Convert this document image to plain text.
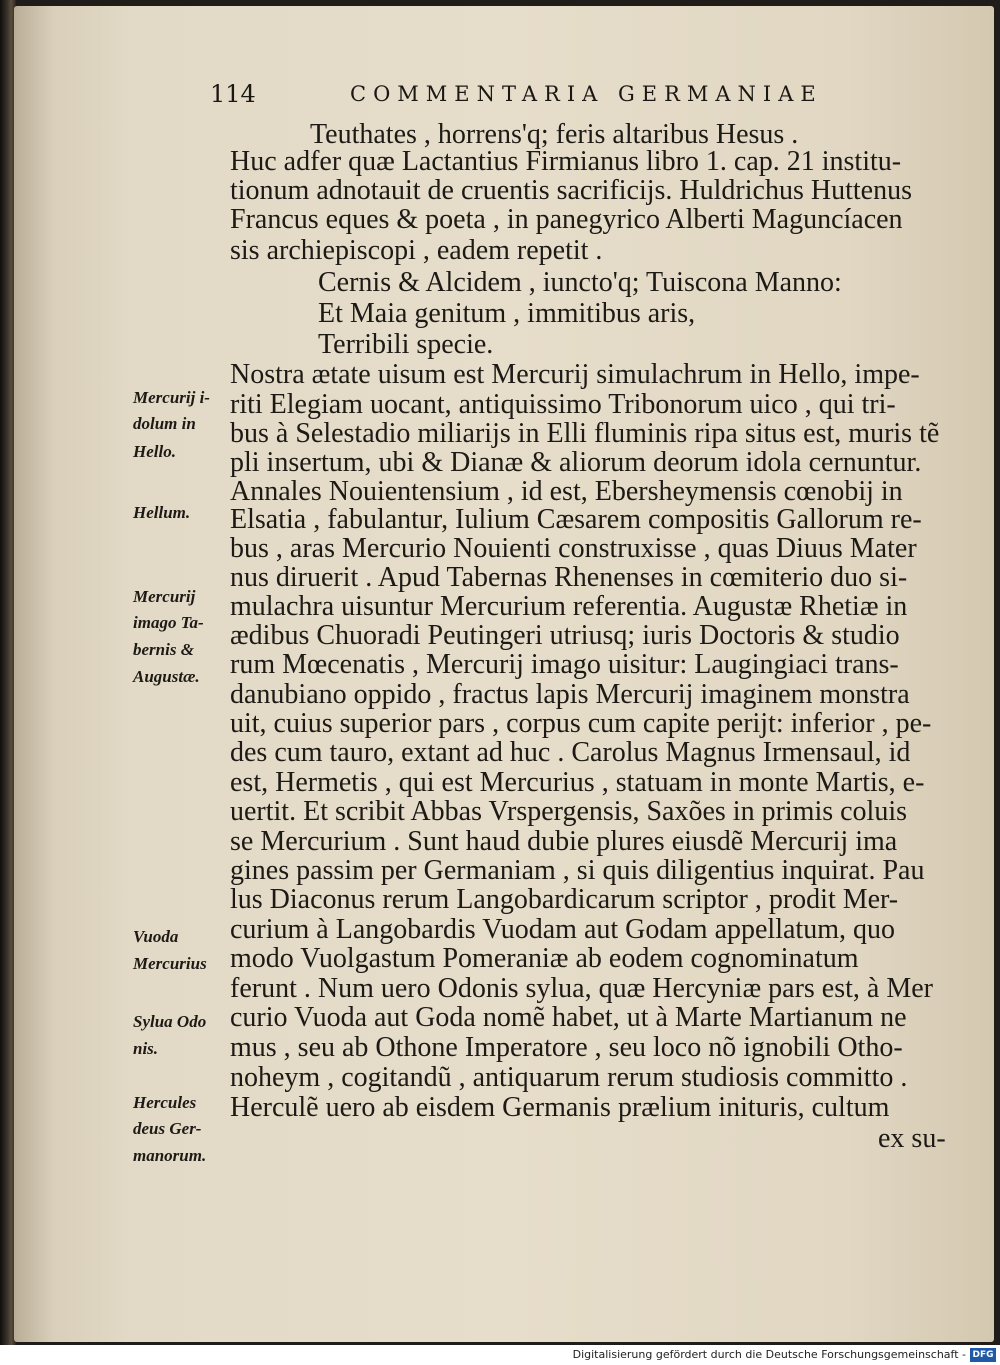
114	COMMENTARIA GERMANIAE
Teuthates , horrens'q; feris altaribus Hesus .
Huc adfer quæ Lactantius Firmianus libro 1. cap. 21 institu-
tionum adnotauit de cruentis sacrificijs. Huldrichus Huttenus
Francus eques & poeta , in panegyrico Alberti Maguncíacen
sis archiepiscopi , eadem repetit .
Cernis & Alcidem , iuncto'q; Tuiscona Manno:
Et Maia genitum , immitibus aris,
Terribili specie.
Nostra ætate uisum est Mercurij simulachrum in Hello, impe-
riti Elegiam uocant, antiquissimo Tribonorum uico , qui tri-
bus à Selestadio miliarijs in Elli fluminis ripa situs est, muris tẽ
pli insertum, ubi & Dianæ & aliorum deorum idola cernuntur.
Annales Nouientensium , id est, Ebersheymensis cœnobij in
Elsatia , fabulantur, Iulium Cæsarem compositis Gallorum re-
bus , aras Mercurio Nouienti construxisse , quas Diuus Mater
nus diruerit . Apud Tabernas Rhenenses in cœmiterio duo si-
mulachra uisuntur Mercurium referentia. Augustæ Rhetiæ in
ædibus Chuoradi Peutingeri utriusq; iuris Doctoris & studio
rum Mœcenatis , Mercurij imago uisitur: Laugingiaci trans-
danubiano oppido , fractus lapis Mercurij imaginem monstra
uit, cuius superior pars , corpus cum capite perijt: inferior , pe-
des cum tauro, extant ad huc . Carolus Magnus Irmensaul, id
est, Hermetis , qui est Mercurius , statuam in monte Martis, e-
uertit. Et scribit Abbas Vrspergensis, Saxões in primis coluis
se Mercurium . Sunt haud dubie plures eiusdẽ Mercurij ima
gines passim per Germaniam , si quis diligentius inquirat. Pau
lus Diaconus rerum Langobardicarum scriptor , prodit Mer-
curium à Langobardis Vuodam aut Godam appellatum, quo
modo Vuolgastum Pomeraniæ ab eodem cognominatum
ferunt . Num uero Odonis sylua, quæ Hercyniæ pars est, à Mer
curio Vuoda aut Goda nomẽ habet, ut à Marte Martianum ne
mus , seu ab Othone Imperatore , seu loco nõ ignobili Otho-
noheym , cogitandũ , antiquarum rerum studiosis committo .
Herculẽ uero ab eisdem Germanis prælium inituris, cultum
ex su-
Mercurij i-
dolum in
Hello.
Hellum.
Mercurij
imago Ta-
bernis &
Augustæ.
Vuoda
Mercurius
Sylua Odo
nis.
Hercules
deus Ger-
manorum.
Digitalisierung gefördert durch die Deutsche Forschungsgemeinschaft - DFG
